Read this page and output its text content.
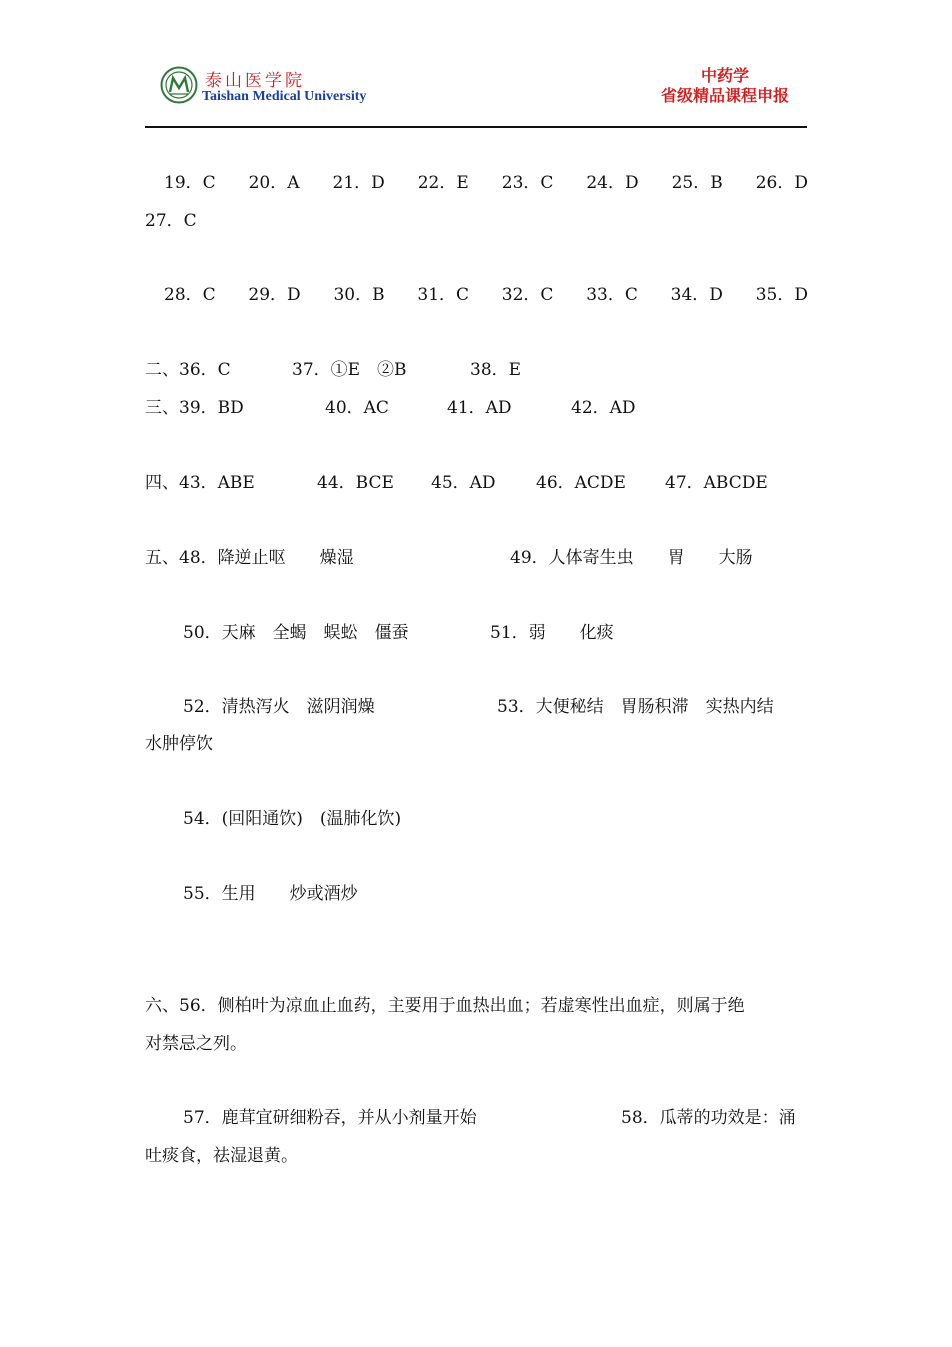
泰山医学院
Taishan Medical University
中药学
省级精品课程申报
19．C 20．A 21．D 22．E 23．C 24．D 25．B 26．D
27．C
28．C 29．D 30．B 31．C 32．C 33．C 34．D 35．D
二、36．C	37．①E　②B	38．E
三、39．BD	40．AC	41．AD	42．AD
四、43．ABE	44．BCE 45．AD 46．ACDE 47．ABCDE
五、48．降逆止呕　　燥湿	49．人体寄生虫　　胃　　大肠
50．天麻　全蝎　蜈蚣　僵蚕	51．弱　　化痰
52．清热泻火　滋阴润燥	53．大便秘结　胃肠积滞　实热内结
水肿停饮
54．(回阳通饮)　(温肺化饮)
55．生用　　炒或酒炒
六、56．侧柏叶为凉血止血药，主要用于血热出血；若虚寒性出血症，则属于绝
对禁忌之列。
57．鹿茸宜研细粉吞，并从小剂量开始	58．瓜蒂的功效是：涌
吐痰食，祛湿退黄。
